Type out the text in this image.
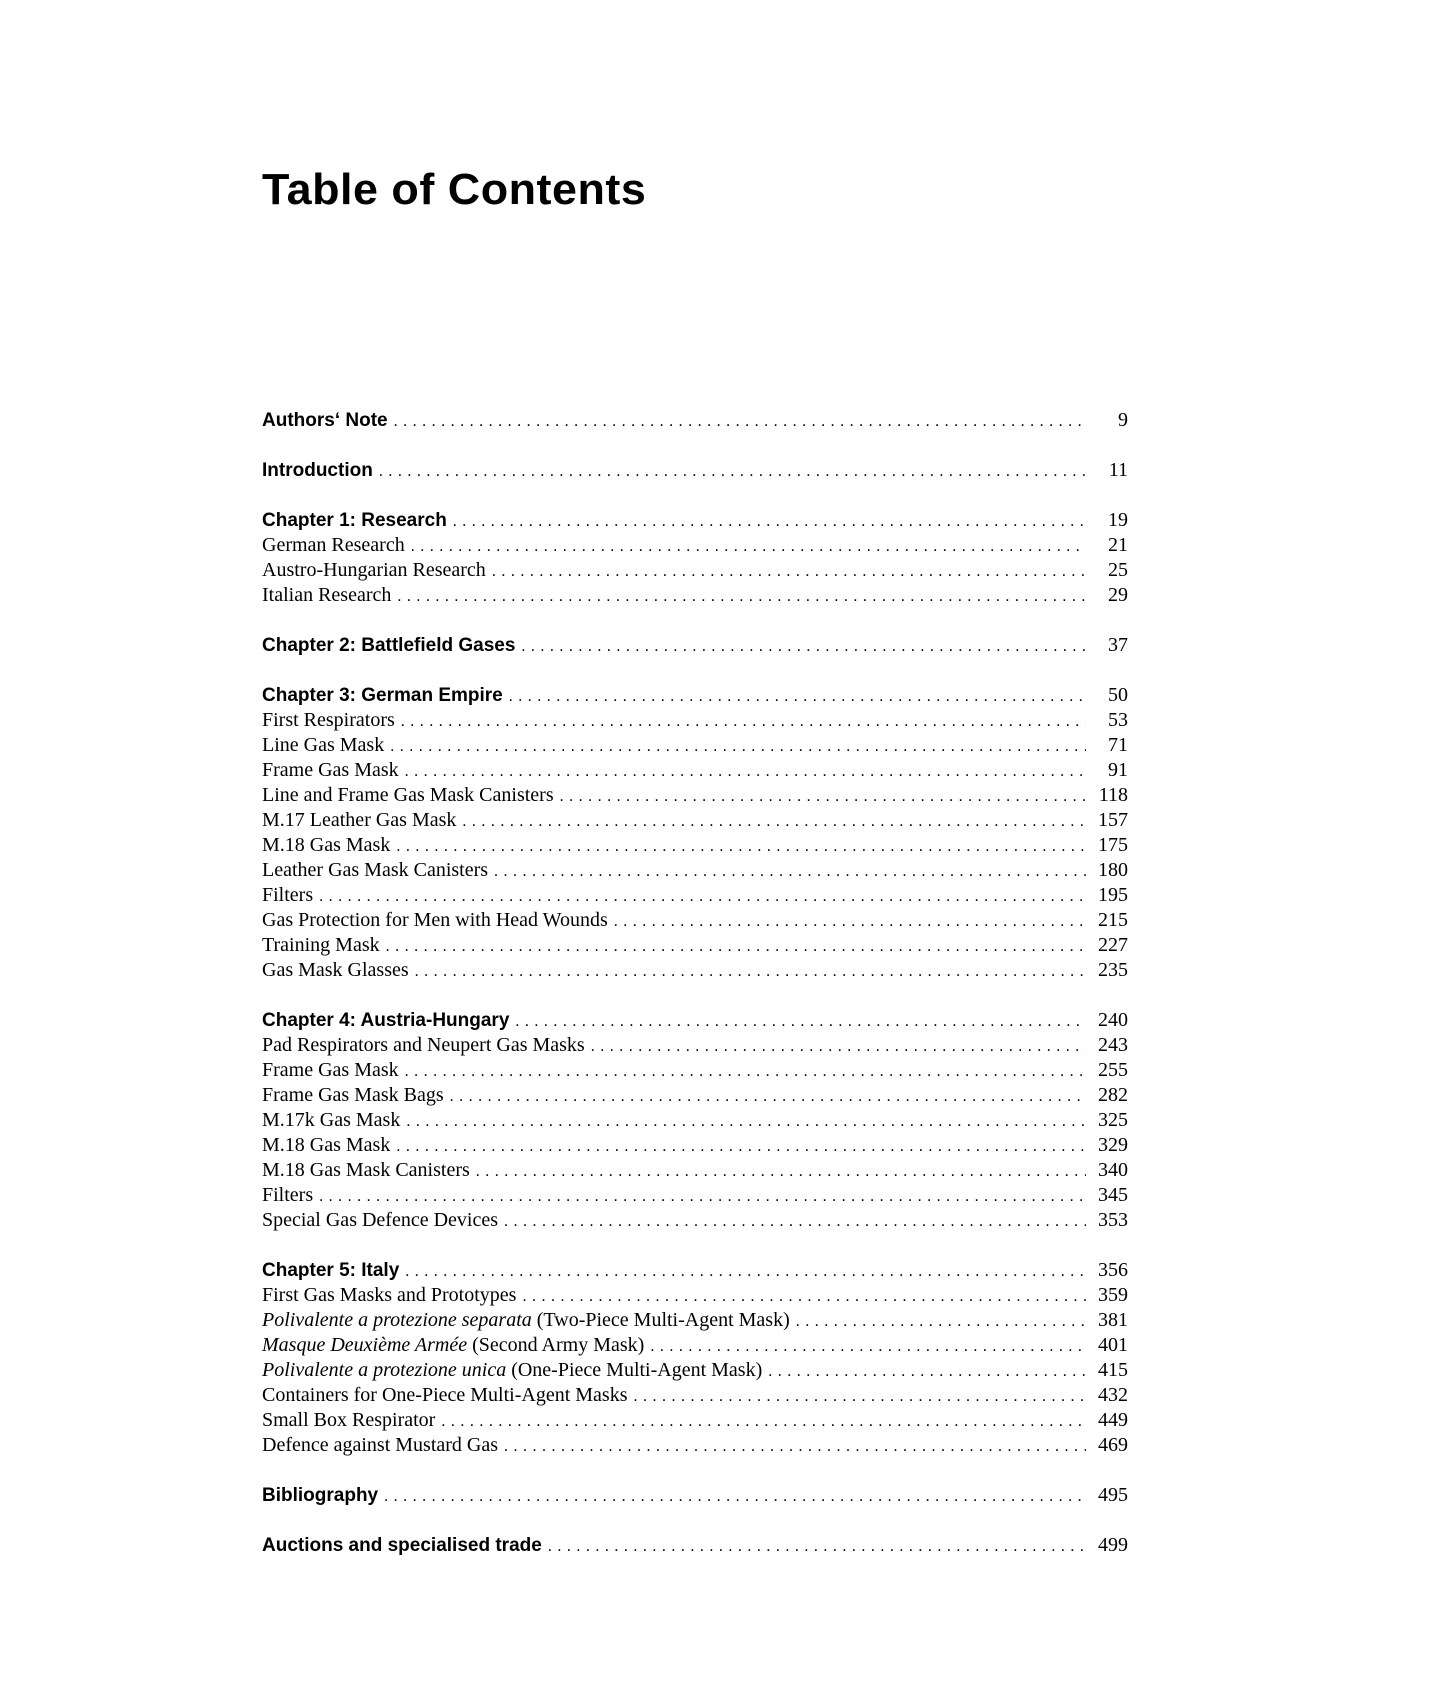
Table of Contents
Authors‘ Note . . .	9
Introduction . . .	11
Chapter 1: Research . . .	19
German Research . . .	21
Austro-Hungarian Research . . .	25
Italian Research . . .	29
Chapter 2: Battlefield Gases . . .	37
Chapter 3: German Empire . . .	50
First Respirators . . .	53
Line Gas Mask . . .	71
Frame Gas Mask . . .	91
Line and Frame Gas Mask Canisters . . .	118
M.17 Leather Gas Mask . . .	157
M.18 Gas Mask . . .	175
Leather Gas Mask Canisters . . .	180
Filters . . .	195
Gas Protection for Men with Head Wounds . . .	215
Training Mask . . .	227
Gas Mask Glasses . . .	235
Chapter 4: Austria-Hungary . . .	240
Pad Respirators and Neupert Gas Masks . . .	243
Frame Gas Mask . . .	255
Frame Gas Mask Bags . . .	282
M.17k Gas Mask . . .	325
M.18 Gas Mask . . .	329
M.18 Gas Mask Canisters . . .	340
Filters . . .	345
Special Gas Defence Devices . . .	353
Chapter 5: Italy . . .	356
First Gas Masks and Prototypes . . .	359
Polivalente a protezione separata (Two-Piece Multi-Agent Mask) . . .	381
Masque Deuxième Armée (Second Army Mask) . . .	401
Polivalente a protezione unica (One-Piece Multi-Agent Mask) . . .	415
Containers for One-Piece Multi-Agent Masks . . .	432
Small Box Respirator . . .	449
Defence against Mustard Gas . . .	469
Bibliography . . .	495
Auctions and specialised trade . . .	499
